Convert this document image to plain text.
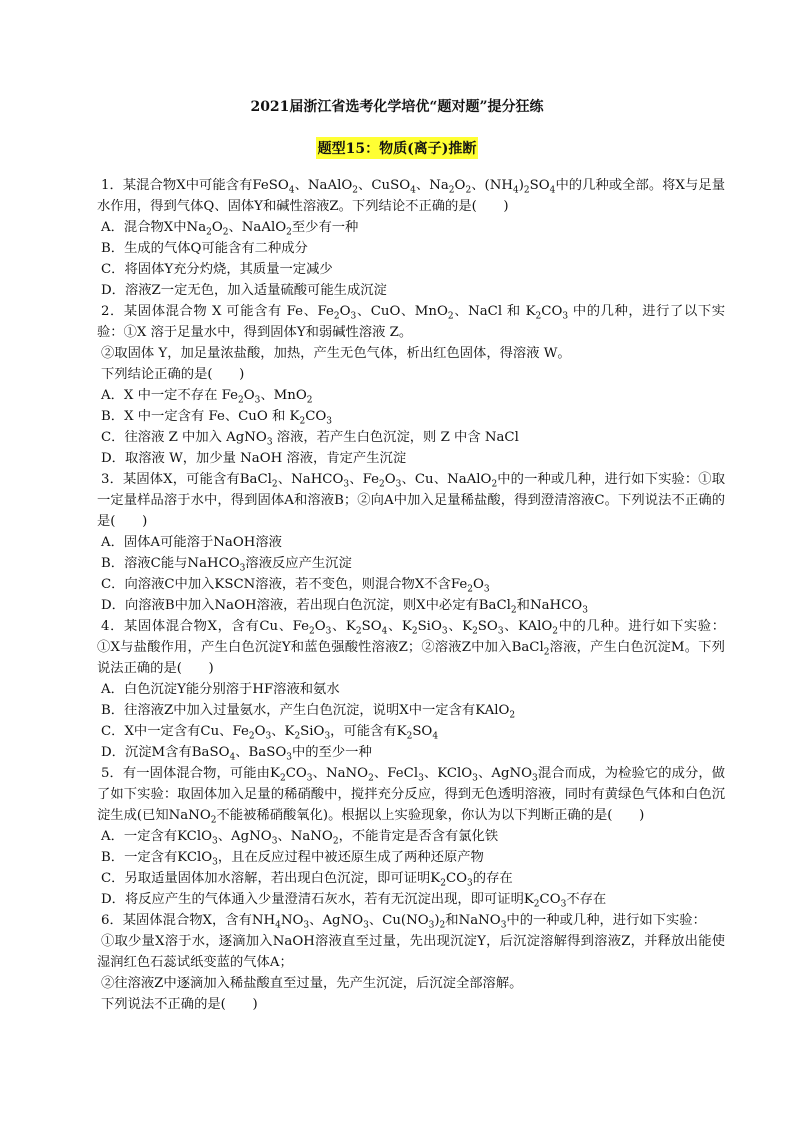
2021届浙江省选考化学培优“题对题”提分狂练
题型15：物质(离子)推断

1．某混合物X中可能含有FeSO$_4$、NaAlO$_2$、CuSO$_4$、$Na_2O_2$、$(NH_4)_2SO_4$中的几种或全部。将X与足量水作用，得到气体Q、固体Y和碱性溶液Z。下列结论不正确的是(　　)

A．混合物X中$Na_2O_2$、NaAlO$_2$至少有一种

B．生成的气体Q可能含有二种成分

C．将固体Y充分灼烧，其质量一定减少

D．溶液Z一定无色，加入适量硫酸可能生成沉淀

2．某固体混合物 X 可能含有 Fe、$Fe_2O_3$、CuO、MnO$_2$、NaCl 和 $K_2CO_3$ 中的几种，进行了以下实验：①X 溶于足量水中，得到固体Y和弱碱性溶液 Z。

②取固体 Y，加足量浓盐酸，加热，产生无色气体，析出红色固体，得溶液 W。

下列结论正确的是(　　)

A．X 中一定不存在 $Fe_2O_3$、MnO$_2$

B．X 中一定含有 Fe、CuO 和 $K_2CO_3$

C．往溶液 Z 中加入 AgNO$_3$ 溶液，若产生白色沉淀，则 Z 中含 NaCl

D．取溶液 W，加少量 NaOH 溶液，肯定产生沉淀

3．某固体X，可能含有BaCl$_2$、NaHCO$_3$、$Fe_2O_3$、Cu、NaAlO$_2$中的一种或几种，进行如下实验：①取一定量样品溶于水中，得到固体A和溶液B；②向A中加入足量稀盐酸，得到澄清溶液C。下列说法不正确的是(　　)

A．固体A可能溶于NaOH溶液

B．溶液C能与NaHCO$_3$溶液反应产生沉淀

C．向溶液C中加入KSCN溶液，若不变色，则混合物X不含$Fe_2O_3$

D．向溶液B中加入NaOH溶液，若出现白色沉淀，则X中必定有BaCl$_2$和NaHCO$_3$

4．某固体混合物X，含有Cu、$Fe_2O_3$、$K_2SO_4$、$K_2SiO_3$、$K_2SO_3$、KAlO$_2$中的几种。进行如下实验：①X与盐酸作用，产生白色沉淀Y和蓝色强酸性溶液Z；②溶液Z中加入BaCl$_2$溶液，产生白色沉淀M。下列说法正确的是(　　)

A．白色沉淀Y能分别溶于HF溶液和氨水

B．往溶液Z中加入过量氨水，产生白色沉淀，说明X中一定含有KAlO$_2$

C．X中一定含有Cu、$Fe_2O_3$、$K_2SiO_3$，可能含有$K_2SO_4$

D．沉淀M含有BaSO$_4$、BaSO$_3$中的至少一种

5．有一固体混合物，可能由$K_2CO_3$、NaNO$_2$、FeCl$_3$、KClO$_3$、AgNO$_3$混合而成，为检验它的成分，做了如下实验：取固体加入足量的稀硝酸中，搅拌充分反应，得到无色透明溶液，同时有黄绿色气体和白色沉淀生成(已知NaNO$_2$不能被稀硝酸氧化)。根据以上实验现象，你认为以下判断正确的是(　　)

A．一定含有KClO$_3$、AgNO$_3$、NaNO$_2$，不能肯定是否含有氯化铁

B．一定含有KClO$_3$，且在反应过程中被还原生成了两种还原产物

C．另取适量固体加水溶解，若出现白色沉淀，即可证明$K_2CO_3$的存在

D．将反应产生的气体通入少量澄清石灰水，若有无沉淀出现，即可证明$K_2CO_3$不存在

6．某固体混合物X，含有$NH_4NO_3$、AgNO$_3$、$Cu(NO_3)_2$和NaNO$_3$中的一种或几种，进行如下实验：

①取少量X溶于水，逐滴加入NaOH溶液直至过量，先出现沉淀Y，后沉淀溶解得到溶液Z，并释放出能使湿润红色石蕊试纸变蓝的气体A；

②往溶液Z中逐滴加入稀盐酸直至过量，先产生沉淀，后沉淀全部溶解。

下列说法不正确的是(　　)
